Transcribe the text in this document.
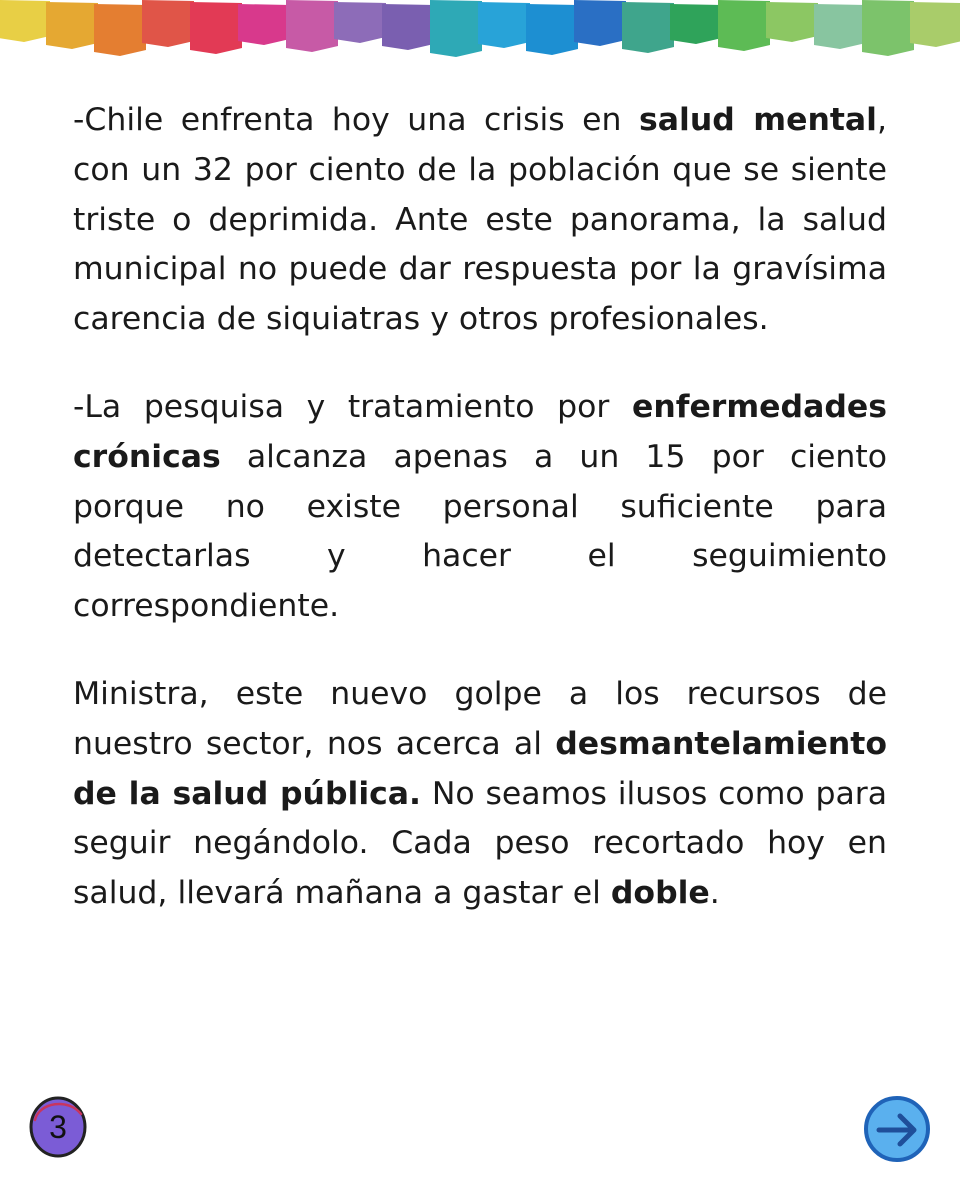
-Chile enfrenta hoy una crisis en salud mental, con un 32 por ciento de la población que se siente triste o deprimida. Ante este panorama, la salud municipal no puede dar respuesta por la gravísima carencia de siquiatras y otros profesionales.

-La pesquisa y tratamiento por enfermedades crónicas alcanza apenas a un 15 por ciento porque no existe personal suficiente para detectarlas y hacer el seguimiento correspondiente.

Ministra, este nuevo golpe a los recursos de nuestro sector, nos acerca al desmantelamiento de la salud pública. No seamos ilusos como para seguir negándolo. Cada peso recortado hoy en salud, llevará mañana a gastar el doble.

3
